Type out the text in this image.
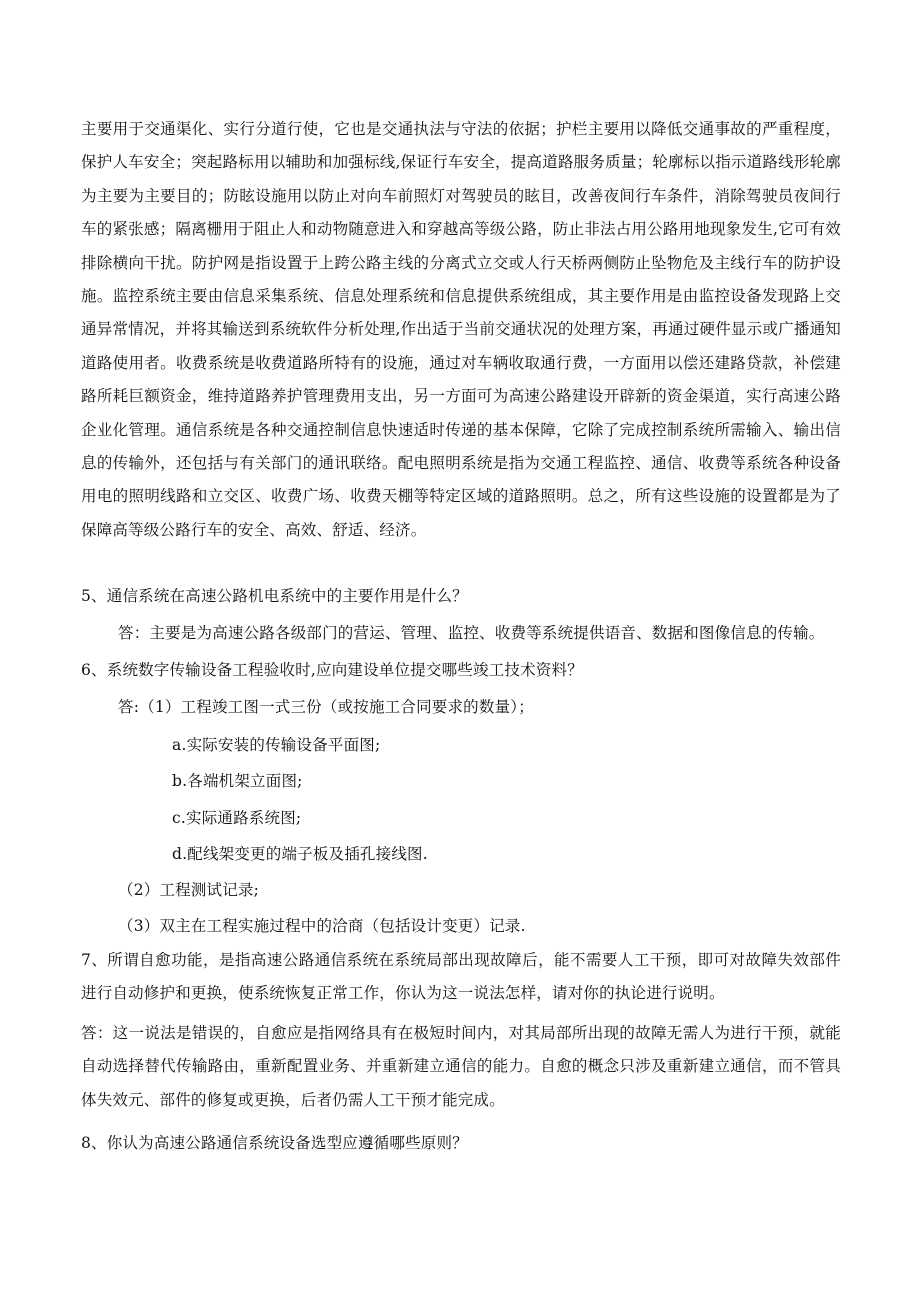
主要用于交通渠化、实行分道行使，它也是交通执法与守法的依据；护栏主要用以降低交通事故的严重程度，保护人车安全；突起路标用以辅助和加强标线,保证行车安全，提高道路服务质量；轮廓标以指示道路线形轮廓为主要为主要目的；防眩设施用以防止对向车前照灯对驾驶员的眩目，改善夜间行车条件，消除驾驶员夜间行车的紧张感；隔离栅用于阻止人和动物随意进入和穿越高等级公路，防止非法占用公路用地现象发生,它可有效排除横向干扰。防护网是指设置于上跨公路主线的分离式立交或人行天桥两侧防止坠物危及主线行车的防护设施。监控系统主要由信息采集系统、信息处理系统和信息提供系统组成，其主要作用是由监控设备发现路上交通异常情况，并将其输送到系统软件分析处理,作出适于当前交通状况的处理方案，再通过硬件显示或广播通知道路使用者。收费系统是收费道路所特有的设施，通过对车辆收取通行费，一方面用以偿还建路贷款，补偿建路所耗巨额资金，维持道路养护管理费用支出，另一方面可为高速公路建设开辟新的资金渠道，实行高速公路企业化管理。通信系统是各种交通控制信息快速适时传递的基本保障，它除了完成控制系统所需输入、输出信息的传输外，还包括与有关部门的通讯联络。配电照明系统是指为交通工程监控、通信、收费等系统各种设备用电的照明线路和立交区、收费广场、收费天棚等特定区域的道路照明。总之，所有这些设施的设置都是为了保障高等级公路行车的安全、高效、舒适、经济。

5、通信系统在高速公路机电系统中的主要作用是什么？

答：主要是为高速公路各级部门的营运、管理、监控、收费等系统提供语音、数据和图像信息的传输。

6、系统数字传输设备工程验收时,应向建设单位提交哪些竣工技术资料？

答:（1）工程竣工图一式三份（或按施工合同要求的数量）；

a.实际安装的传输设备平面图;

b.各端机架立面图;

c.实际通路系统图;

d.配线架变更的端子板及插孔接线图.

（2）工程测试记录;

（3）双主在工程实施过程中的洽商（包括设计变更）记录.

7、所谓自愈功能，是指高速公路通信系统在系统局部出现故障后，能不需要人工干预，即可对故障失效部件进行自动修护和更换，使系统恢复正常工作，你认为这一说法怎样，请对你的执论进行说明。

答：这一说法是错误的，自愈应是指网络具有在极短时间内，对其局部所出现的故障无需人为进行干预，就能自动选择替代传输路由，重新配置业务、并重新建立通信的能力。自愈的概念只涉及重新建立通信，而不管具体失效元、部件的修复或更换，后者仍需人工干预才能完成。

8、你认为高速公路通信系统设备选型应遵循哪些原则？
